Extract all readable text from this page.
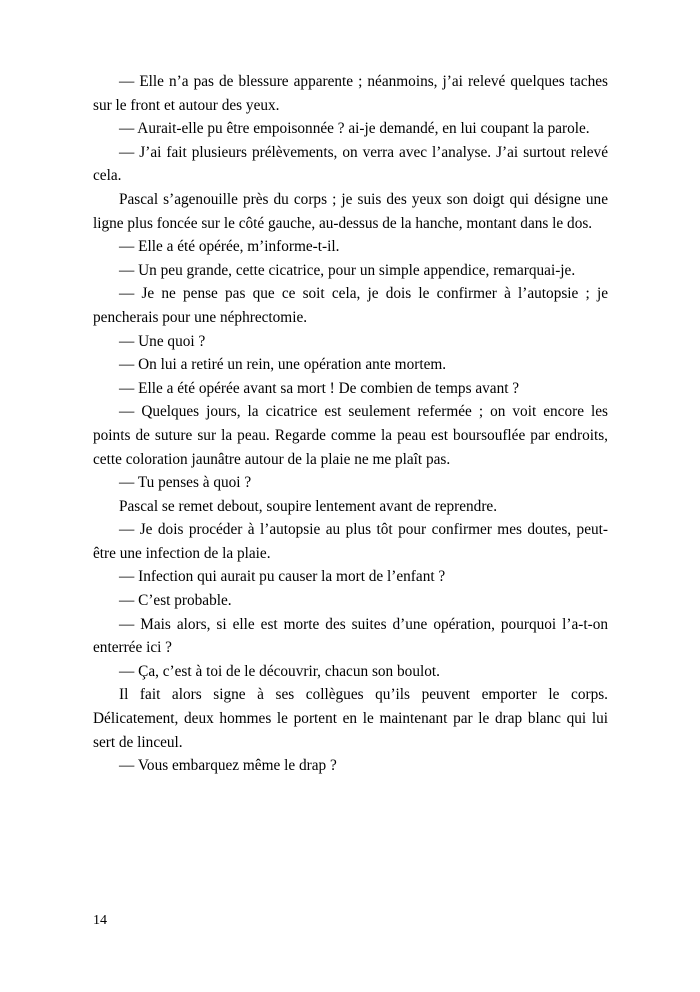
— Elle n’a pas de blessure apparente ; néanmoins, j’ai relevé quelques taches sur le front et autour des yeux.

— Aurait-elle pu être empoisonnée ? ai-je demandé, en lui coupant la parole.

— J’ai fait plusieurs prélèvements, on verra avec l’analyse. J’ai surtout relevé cela.

Pascal s’agenouille près du corps ; je suis des yeux son doigt qui désigne une ligne plus foncée sur le côté gauche, au-dessus de la hanche, montant dans le dos.

— Elle a été opérée, m’informe-t-il.

— Un peu grande, cette cicatrice, pour un simple appendice, remarquai-je.

— Je ne pense pas que ce soit cela, je dois le confirmer à l’autopsie ; je pencherais pour une néphrectomie.

— Une quoi ?

— On lui a retiré un rein, une opération ante mortem.

— Elle a été opérée avant sa mort ! De combien de temps avant ?

— Quelques jours, la cicatrice est seulement refermée ; on voit encore les points de suture sur la peau. Regarde comme la peau est boursouflée par endroits, cette coloration jaunâtre autour de la plaie ne me plaît pas.

— Tu penses à quoi ?

Pascal se remet debout, soupire lentement avant de reprendre.

— Je dois procéder à l’autopsie au plus tôt pour confirmer mes doutes, peut-être une infection de la plaie.

— Infection qui aurait pu causer la mort de l’enfant ?

— C’est probable.

— Mais alors, si elle est morte des suites d’une opération, pourquoi l’a-t-on enterrée ici ?

— Ça, c’est à toi de le découvrir, chacun son boulot.

Il fait alors signe à ses collègues qu’ils peuvent emporter le corps. Délicatement, deux hommes le portent en le maintenant par le drap blanc qui lui sert de linceul.

— Vous embarquez même le drap ?

14
